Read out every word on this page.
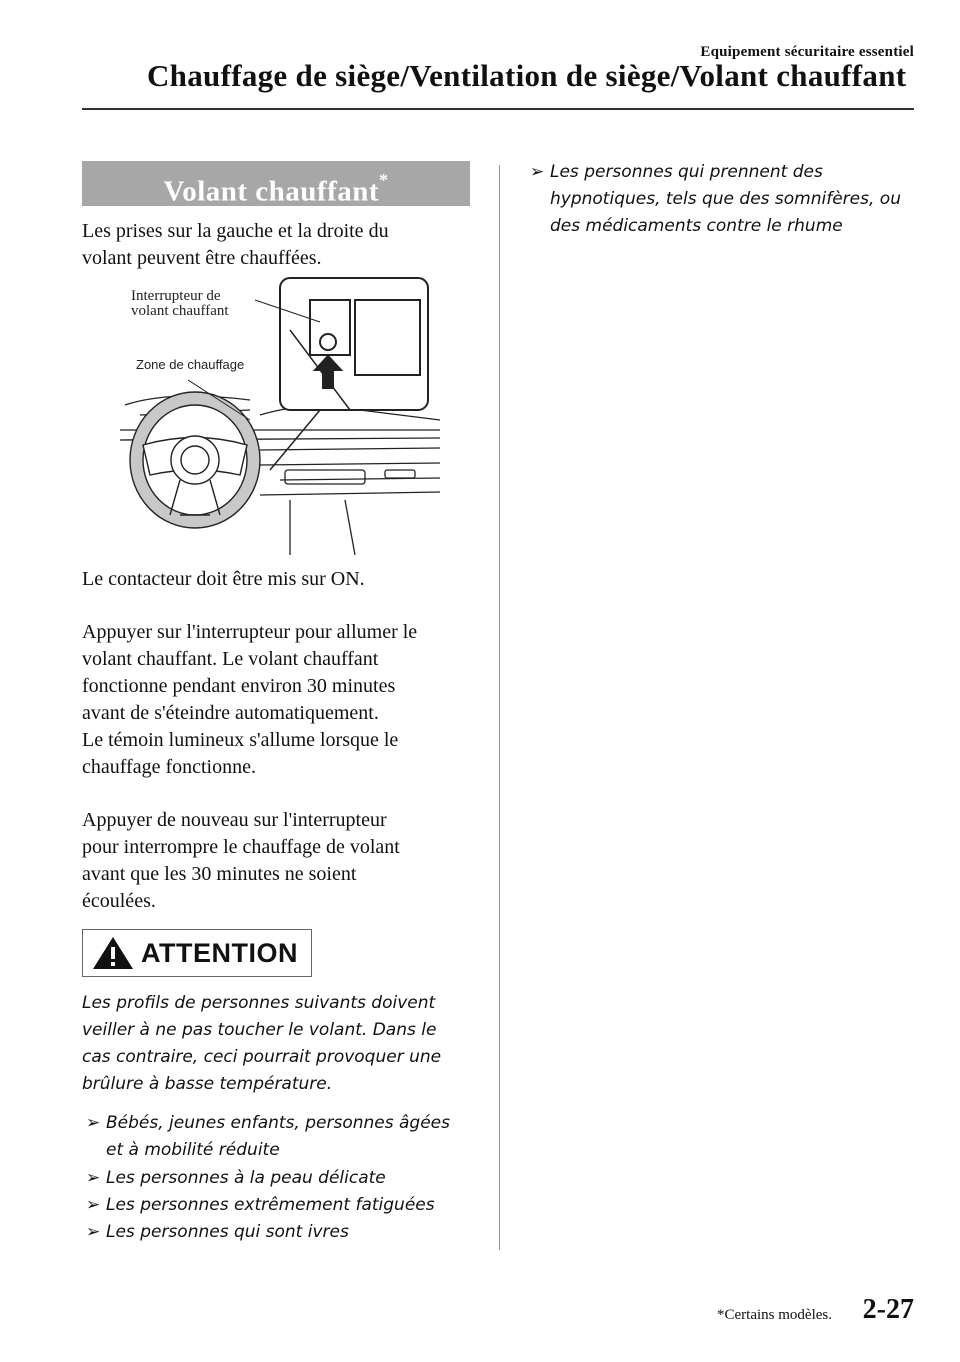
Equipement sécuritaire essentiel
Chauffage de siège/Ventilation de siège/Volant chauffant
Volant chauffant*
Les prises sur la gauche et la droite du
volant peuvent être chauffées.
Interrupteur de
volant chauffant
Zone de chauffage
Le contacteur doit être mis sur ON.
Appuyer sur l'interrupteur pour allumer le
volant chauffant. Le volant chauffant
fonctionne pendant environ 30 minutes
avant de s'éteindre automatiquement.
Le témoin lumineux s'allume lorsque le
chauffage fonctionne.
Appuyer de nouveau sur l'interrupteur
pour interrompre le chauffage de volant
avant que les 30 minutes ne soient
écoulées.
ATTENTION
Les profils de personnes suivants doivent
veiller à ne pas toucher le volant. Dans le
cas contraire, ceci pourrait provoquer une
brûlure à basse température.
➢ Bébés, jeunes enfants, personnes âgées
et à mobilité réduite
➢ Les personnes à la peau délicate
➢ Les personnes extrêmement fatiguées
➢ Les personnes qui sont ivres
➢ Les personnes qui prennent des
hypnotiques, tels que des somnifères, ou
des médicaments contre le rhume
*Certains modèles. 2-27
